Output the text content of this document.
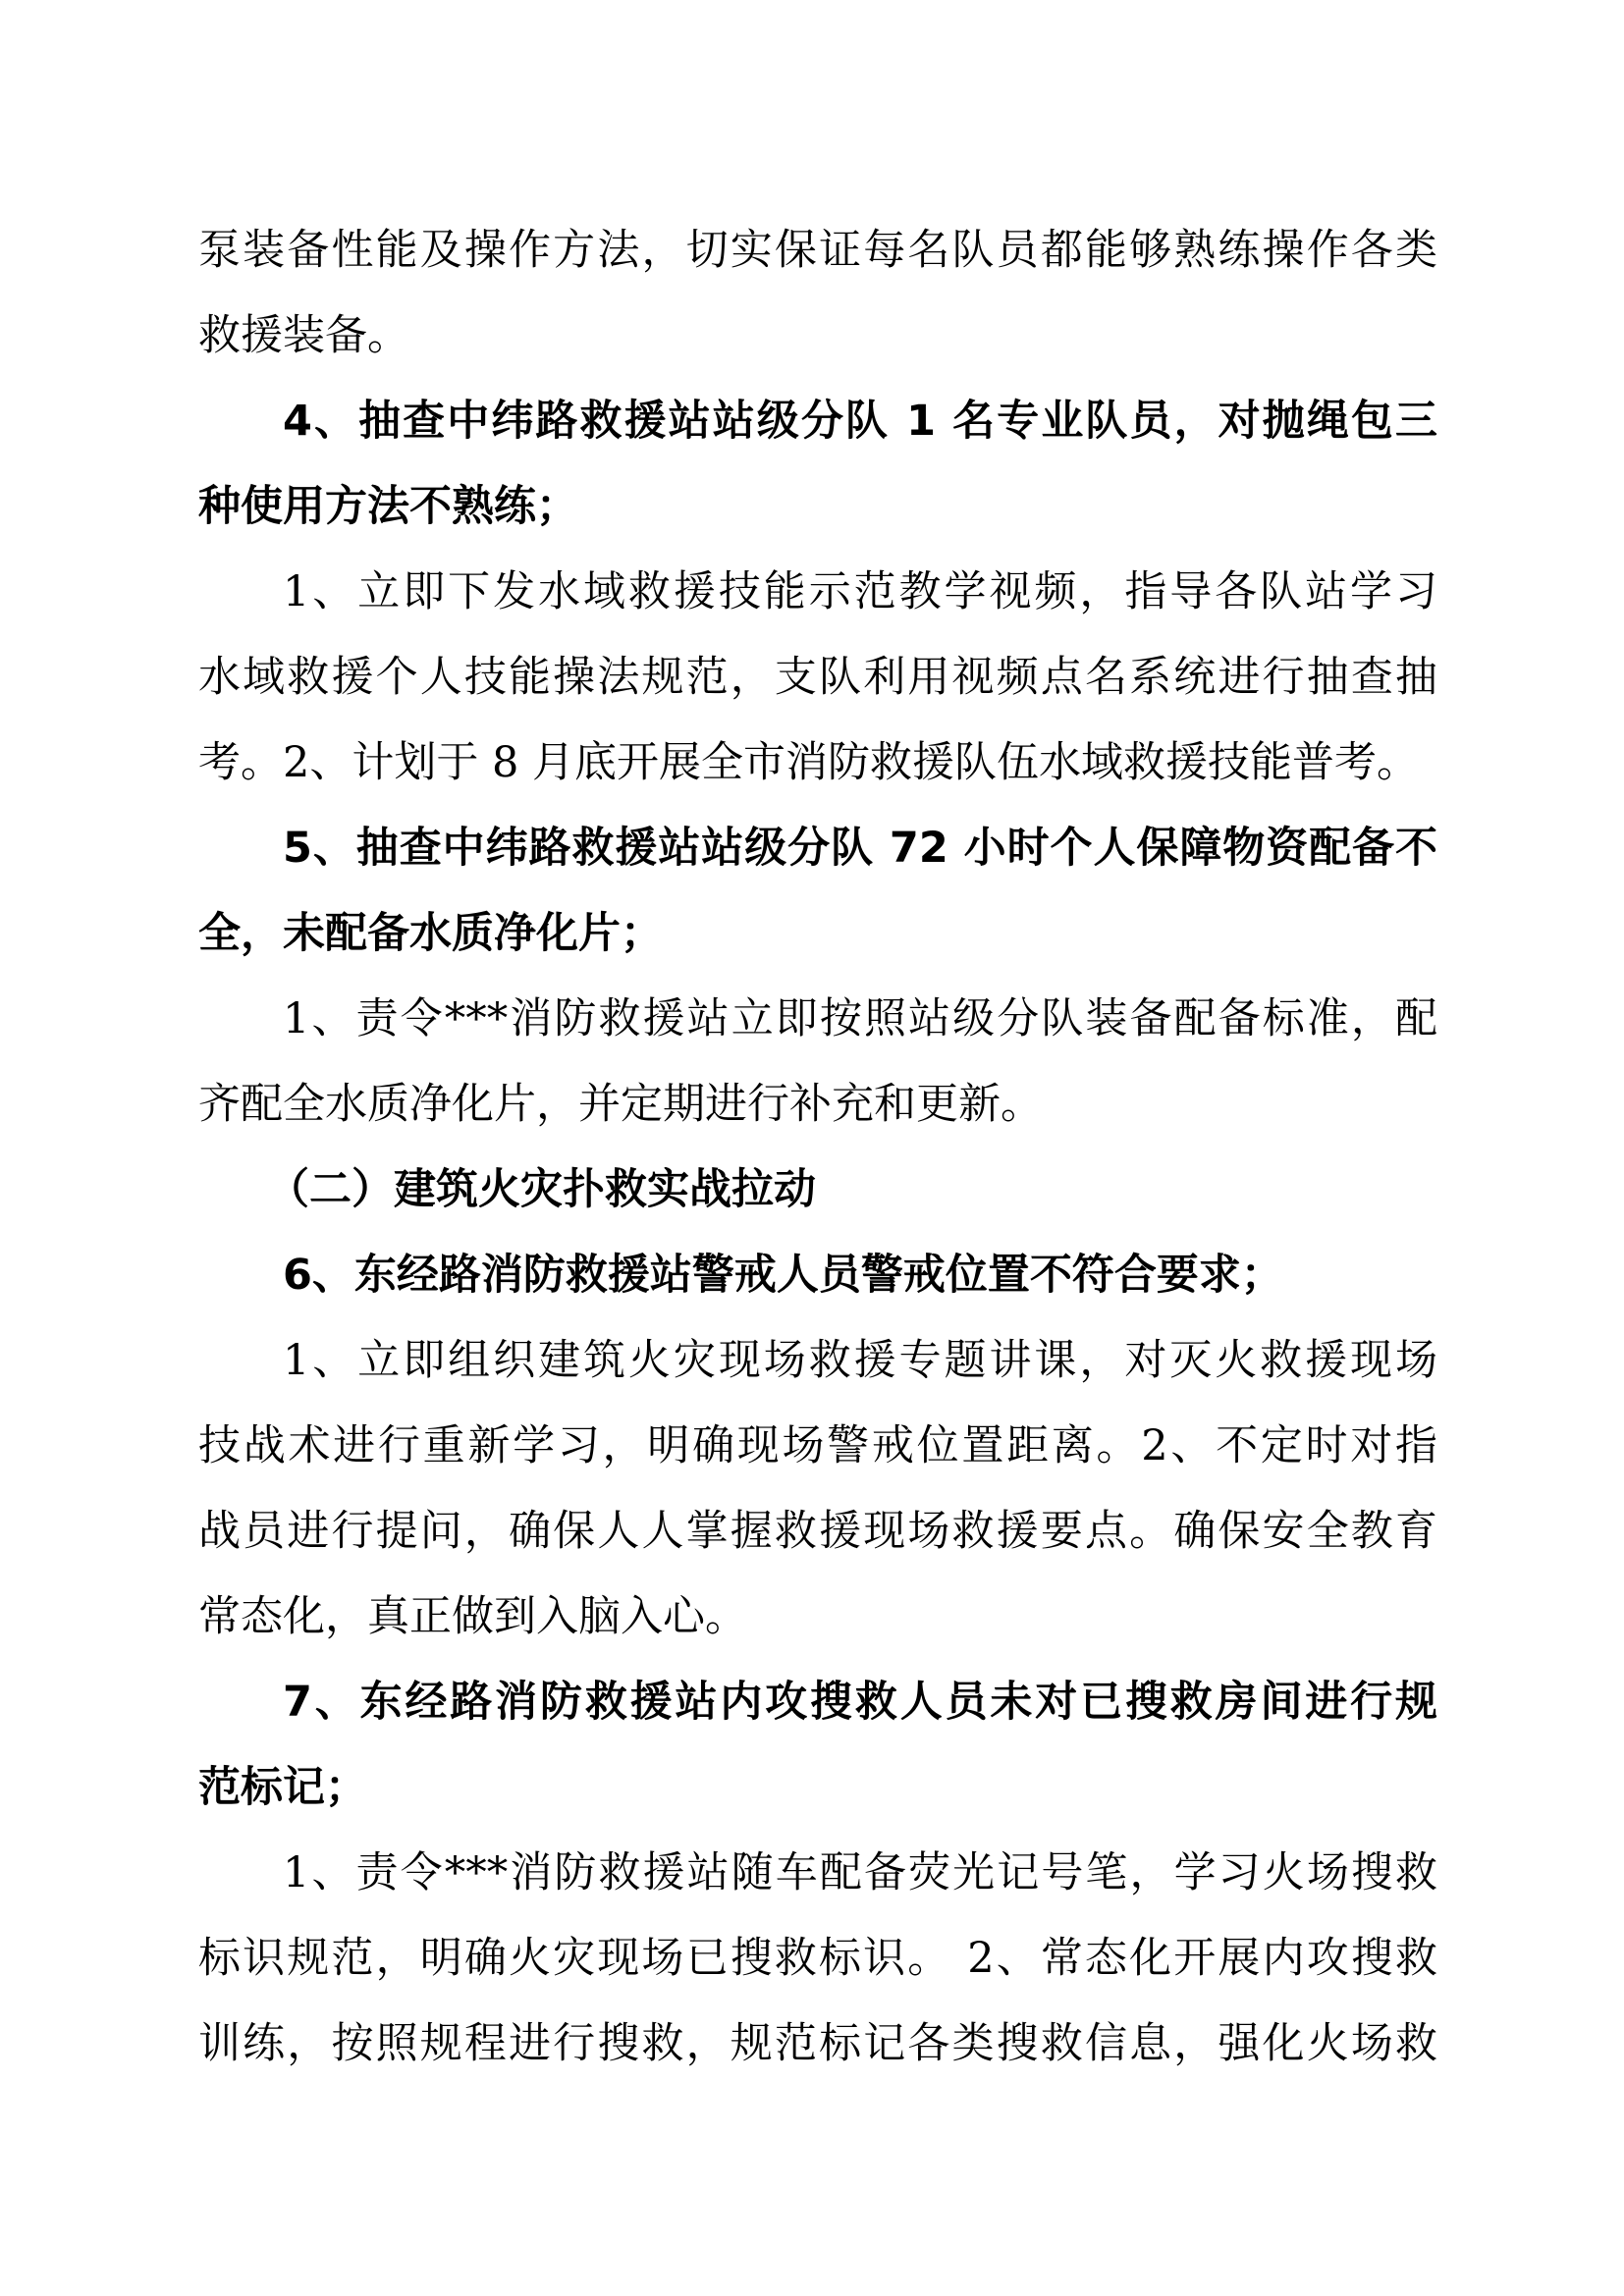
泵装备性能及操作方法，切实保证每名队员都能够熟练操作各类
救援装备。
4、抽查中纬路救援站站级分队 1 名专业队员，对抛绳包三
种使用方法不熟练；
1、立即下发水域救援技能示范教学视频，指导各队站学习
水域救援个人技能操法规范，支队利用视频点名系统进行抽查抽
考。2、计划于 8 月底开展全市消防救援队伍水域救援技能普考。
5、抽查中纬路救援站站级分队 72 小时个人保障物资配备不
全，未配备水质净化片；
1、责令***消防救援站立即按照站级分队装备配备标准，配
齐配全水质净化片，并定期进行补充和更新。
（二）建筑火灾扑救实战拉动
6、东经路消防救援站警戒人员警戒位置不符合要求；
1、立即组织建筑火灾现场救援专题讲课，对灭火救援现场
技战术进行重新学习，明确现场警戒位置距离。2、不定时对指
战员进行提问，确保人人掌握救援现场救援要点。确保安全教育
常态化，真正做到入脑入心。
7、东经路消防救援站内攻搜救人员未对已搜救房间进行规
范标记；
1、责令***消防救援站随车配备荧光记号笔，学习火场搜救
标识规范，明确火灾现场已搜救标识。 2、常态化开展内攻搜救
训练，按照规程进行搜救，规范标记各类搜救信息，强化火场救
